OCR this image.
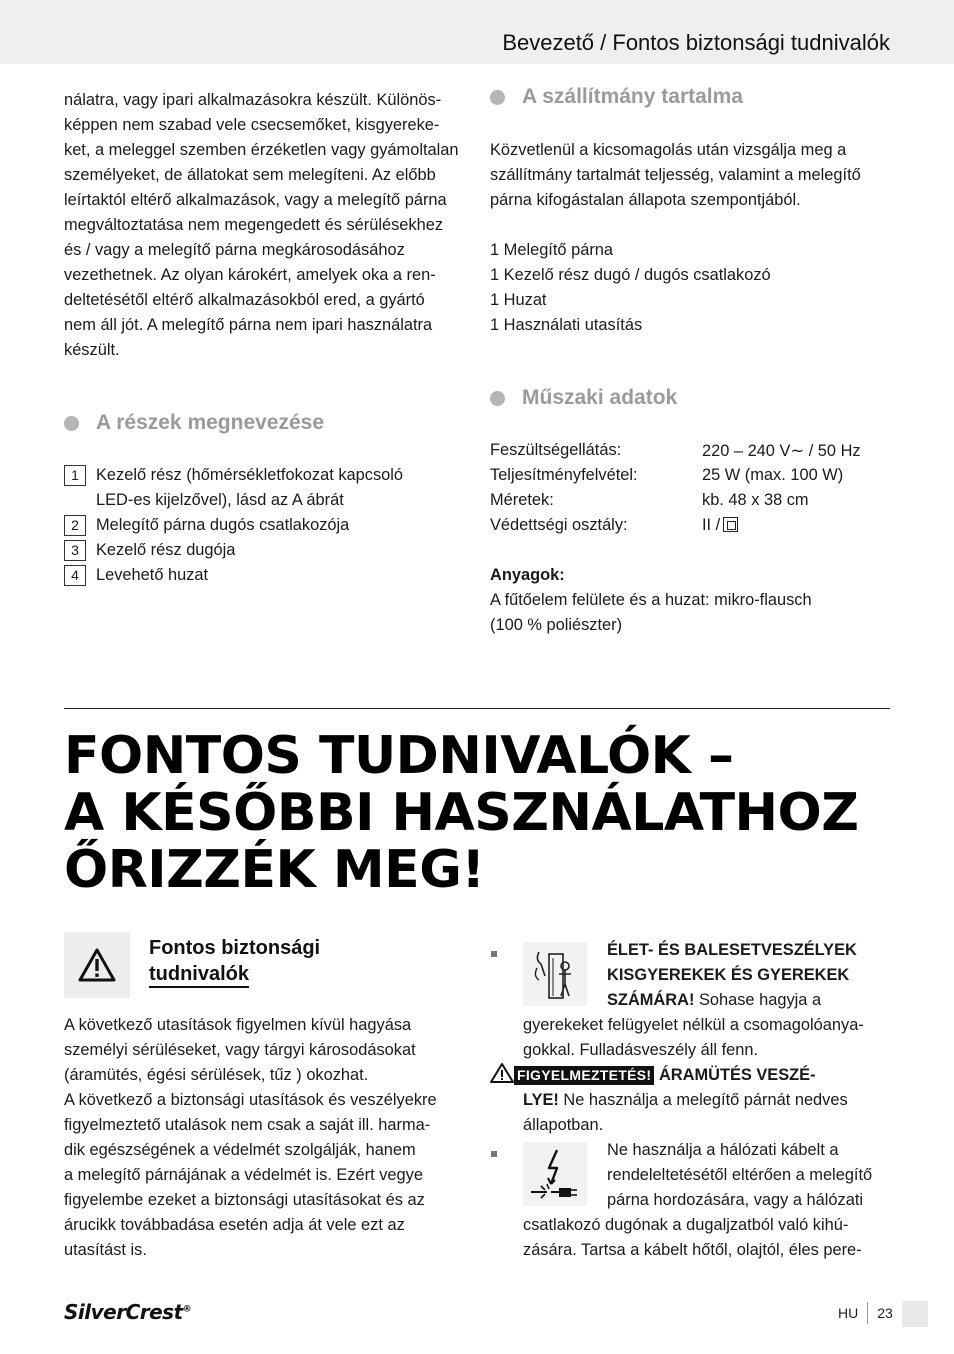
Bevezető / Fontos biztonsági tudnivalók
nálatra, vagy ipari alkalmazásokra készült. Különös-
képpen nem szabad vele csecsemőket, kisgyereke-
ket, a meleggel szemben érzéketlen vagy gyámoltalan
személyeket, de állatokat sem melegíteni. Az előbb
leírtaktól eltérő alkalmazások, vagy a melegítő párna
megváltoztatása nem megengedett és sérülésekhez
és / vagy a melegítő párna megkárosodásához
vezethetnek. Az olyan károkért, amelyek oka a ren-
deltetésétől eltérő alkalmazásokból ered, a gyártó
nem áll jót. A melegítő párna nem ipari használatra
készült.
A részek megnevezése
1	Kezelő rész (hőmérsékletfokozat kapcsoló
LED-es kijelzővel), lásd az A ábrát
2	Melegítő párna dugós csatlakozója
3	Kezelő rész dugója
4	Levehető huzat
A szállítmány tartalma
Közvetlenül a kicsomagolás után vizsgálja meg a
szállítmány tartalmát teljesség, valamint a melegítő
párna kifogástalan állapota szempontjából.
1 Melegítő párna
1 Kezelő rész dugó / dugós csatlakozó
1 Huzat
1 Használati utasítás
Műszaki adatok
Feszültségellátás:	220 – 240 V∼ / 50 Hz
Teljesítményfelvétel:	25 W (max. 100 W)
Méretek:	kb. 48 x 38 cm
Védettségi osztály:	II /
Anyagok:
A fűtőelem felülete és a huzat: mikro-flausch
(100 % poliészter)
FONTOS TUDNIVALÓK –
A KÉSŐBBI HASZNÁLATHOZ
ŐRIZZÉK MEG!
Fontos biztonsági
tudnivalók
A következő utasítások figyelmen kívül hagyása
személyi sérüléseket, vagy tárgyi károsodásokat
(áramütés, égési sérülések, tűz ) okozhat.
A következő a biztonsági utasítások és veszélyekre
figyelmeztető utalások nem csak a saját ill. harma-
dik egészségének a védelmét szolgálják, hanem
a melegítő párnájának a védelmét is. Ezért vegye
figyelembe ezeket a biztonsági utasításokat és az
árucikk továbbadása esetén adja át vele ezt az
utasítást is.
ÉLET- ÉS BALESETVESZÉLYEK
KISGYEREKEK ÉS GYEREKEK
SZÁMÁRA! Sohase hagyja a
gyerekeket felügyelet nélkül a csomagolóanya-
gokkal. Fulladásveszély áll fenn.
FIGYELMEZTETÉS! ÁRAMÜTÉS VESZÉ-
LYE! Ne használja a melegítő párnát nedves
állapotban.
Ne használja a hálózati kábelt a
rendeleltetésétől eltérően a melegítő
párna hordozására, vagy a hálózati
csatlakozó dugónak a dugaljzatból való kihú-
zására. Tartsa a kábelt hőtől, olajtól, éles pere-
SilverCrest®	HU 23
